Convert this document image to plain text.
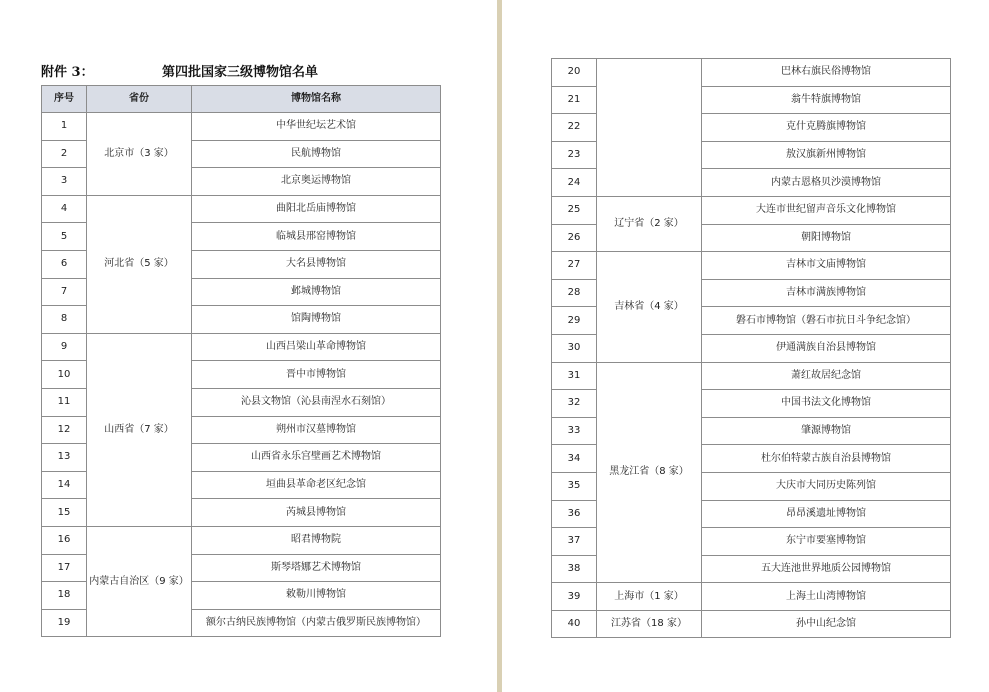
附件 3：	第四批国家三级博物馆名单
序号	省份	博物馆名称
1	北京市（3 家）	中华世纪坛艺术馆
2		民航博物馆
3		北京奥运博物馆
4	河北省（5 家）	曲阳北岳庙博物馆
5		临城县邢窑博物馆
6		大名县博物馆
7		邺城博物馆
8		馆陶博物馆
9	山西省（7 家）	山西吕梁山革命博物馆
10		晋中市博物馆
11		沁县文物馆（沁县南涅水石刻馆）
12		朔州市汉墓博物馆
13		山西省永乐宫壁画艺术博物馆
14		垣曲县革命老区纪念馆
15		芮城县博物馆
16	内蒙古自治区（9 家）	昭君博物院
17		斯琴塔娜艺术博物馆
18		敕勒川博物馆
19		额尔古纳民族博物馆（内蒙古俄罗斯民族博物馆）
20		巴林右旗民俗博物馆
21		翁牛特旗博物馆
22		克什克腾旗博物馆
23		敖汉旗新州博物馆
24		内蒙古恩格贝沙漠博物馆
25	辽宁省（2 家）	大连市世纪留声音乐文化博物馆
26		朝阳博物馆
27	吉林省（4 家）	吉林市文庙博物馆
28		吉林市满族博物馆
29		磐石市博物馆（磐石市抗日斗争纪念馆）
30		伊通满族自治县博物馆
31	黑龙江省（8 家）	萧红故居纪念馆
32		中国书法文化博物馆
33		肇源博物馆
34		杜尔伯特蒙古族自治县博物馆
35		大庆市大同历史陈列馆
36		昂昂溪遗址博物馆
37		东宁市要塞博物馆
38		五大连池世界地质公园博物馆
39	上海市（1 家）	上海土山湾博物馆
40	江苏省（18 家）	孙中山纪念馆
